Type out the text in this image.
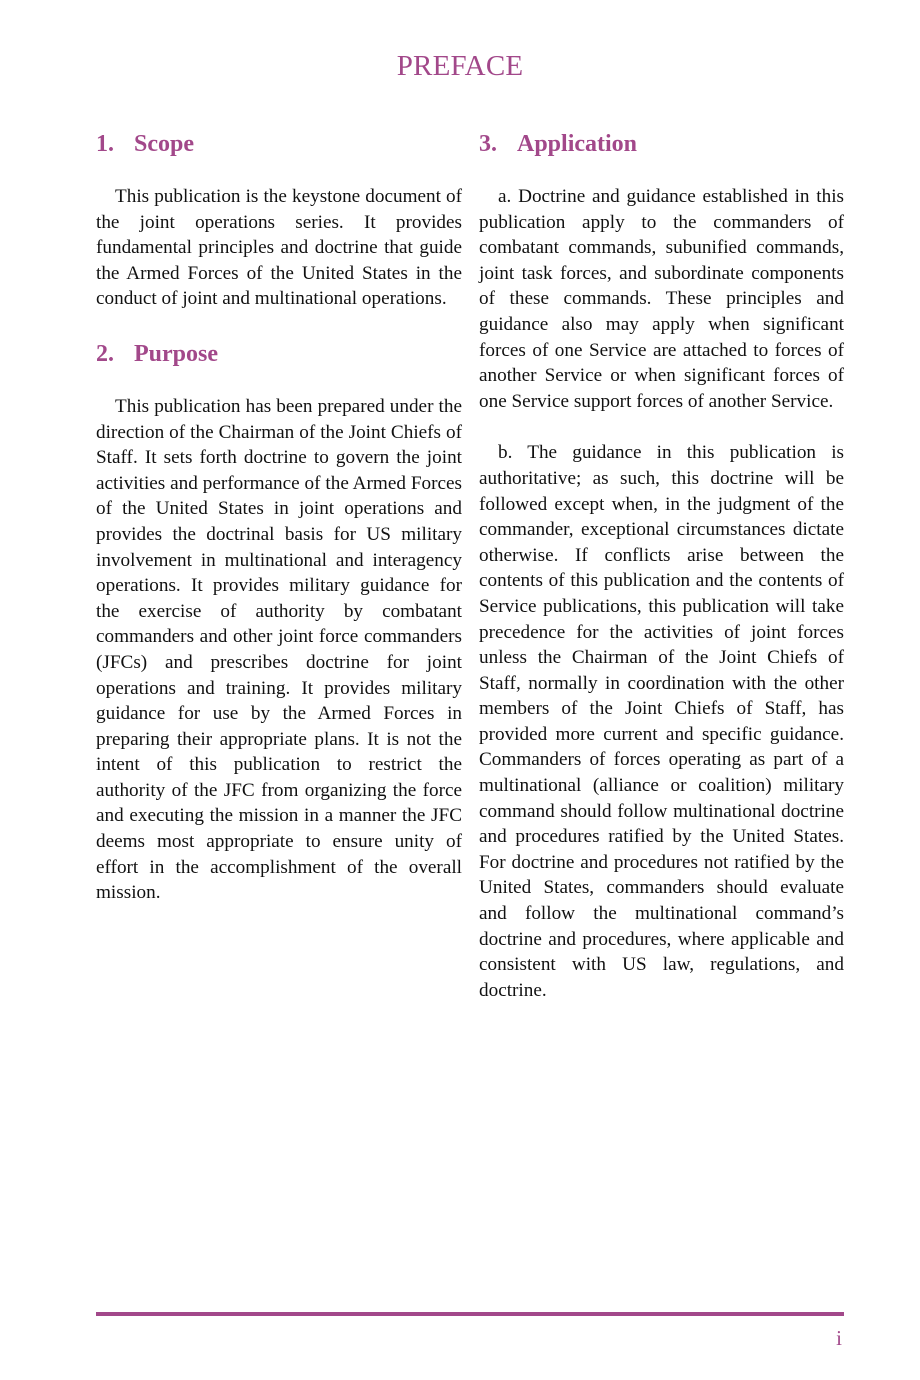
PREFACE
1. Scope

This publication is the keystone document of the joint operations series. It provides fundamental principles and doctrine that guide the Armed Forces of the United States in the conduct of joint and multinational operations.

2. Purpose

This publication has been prepared under the direction of the Chairman of the Joint Chiefs of Staff. It sets forth doctrine to govern the joint activities and performance of the Armed Forces of the United States in joint operations and provides the doctrinal basis for US military involvement in multinational and interagency operations. It provides military guidance for the exercise of authority by combatant commanders and other joint force commanders (JFCs) and prescribes doctrine for joint operations and training. It provides military guidance for use by the Armed Forces in preparing their appropriate plans. It is not the intent of this publication to restrict the authority of the JFC from organizing the force and executing the mission in a manner the JFC deems most appropriate to ensure unity of effort in the accomplishment of the overall mission.

3. Application

a. Doctrine and guidance established in this publication apply to the commanders of combatant commands, subunified commands, joint task forces, and subordinate components of these commands. These principles and guidance also may apply when significant forces of one Service are attached to forces of another Service or when significant forces of one Service support forces of another Service.

b. The guidance in this publication is authoritative; as such, this doctrine will be followed except when, in the judgment of the commander, exceptional circumstances dictate otherwise. If conflicts arise between the contents of this publication and the contents of Service publications, this publication will take precedence for the activities of joint forces unless the Chairman of the Joint Chiefs of Staff, normally in coordination with the other members of the Joint Chiefs of Staff, has provided more current and specific guidance. Commanders of forces operating as part of a multinational (alliance or coalition) military command should follow multinational doctrine and procedures ratified by the United States. For doctrine and procedures not ratified by the United States, commanders should evaluate and follow the multinational command’s doctrine and procedures, where applicable and consistent with US law, regulations, and doctrine.

i
